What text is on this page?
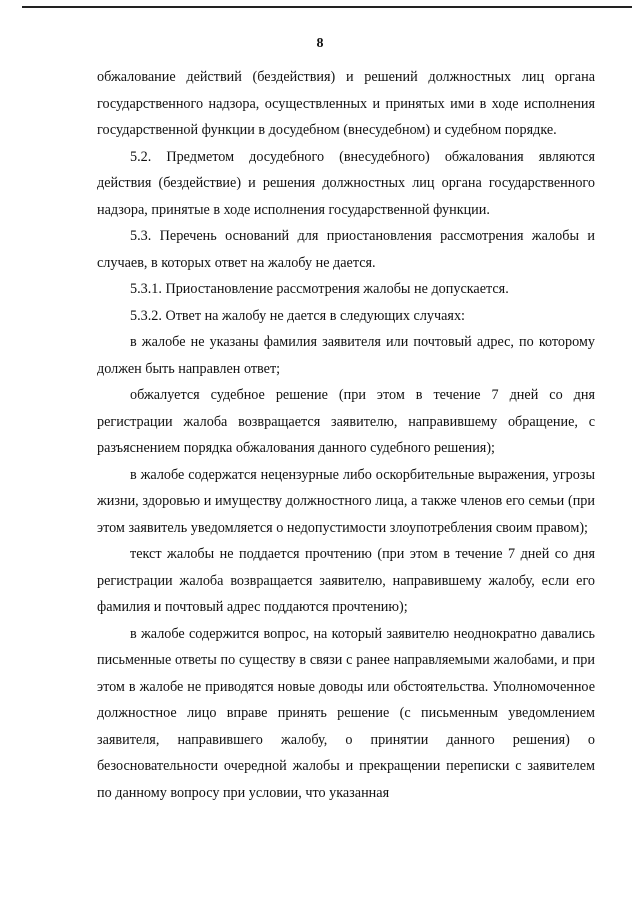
8

обжалование действий (бездействия) и решений должностных лиц органа государственного надзора, осуществленных и принятых ими в ходе исполнения государственной функции в досудебном (внесудебном) и судебном порядке.

5.2. Предметом досудебного (внесудебного) обжалования являются действия (бездействие) и решения должностных лиц органа государственного надзора, принятые в ходе исполнения государственной функции.

5.3. Перечень оснований для приостановления рассмотрения жалобы и случаев, в которых ответ на жалобу не дается.

5.3.1. Приостановление рассмотрения жалобы не допускается.

5.3.2. Ответ на жалобу не дается в следующих случаях:

в жалобе не указаны фамилия заявителя или почтовый адрес, по которому должен быть направлен ответ;

обжалуется судебное решение (при этом в течение 7 дней со дня регистрации жалоба возвращается заявителю, направившему обращение, с разъяснением порядка обжалования данного судебного решения);

в жалобе содержатся нецензурные либо оскорбительные выражения, угрозы жизни, здоровью и имуществу должностного лица, а также членов его семьи (при этом заявитель уведомляется о недопустимости злоупотребления своим правом);

текст жалобы не поддается прочтению (при этом в течение 7 дней со дня регистрации жалоба возвращается заявителю, направившему жалобу, если его фамилия и почтовый адрес поддаются прочтению);

в жалобе содержится вопрос, на который заявителю неоднократно давались письменные ответы по существу в связи с ранее направляемыми жалобами, и при этом в жалобе не приводятся новые доводы или обстоятельства. Уполномоченное должностное лицо вправе принять решение (с письменным уведомлением заявителя, направившего жалобу, о принятии данного решения) о безосновательности очередной жалобы и прекращении переписки с заявителем по данному вопросу при условии, что указанная
